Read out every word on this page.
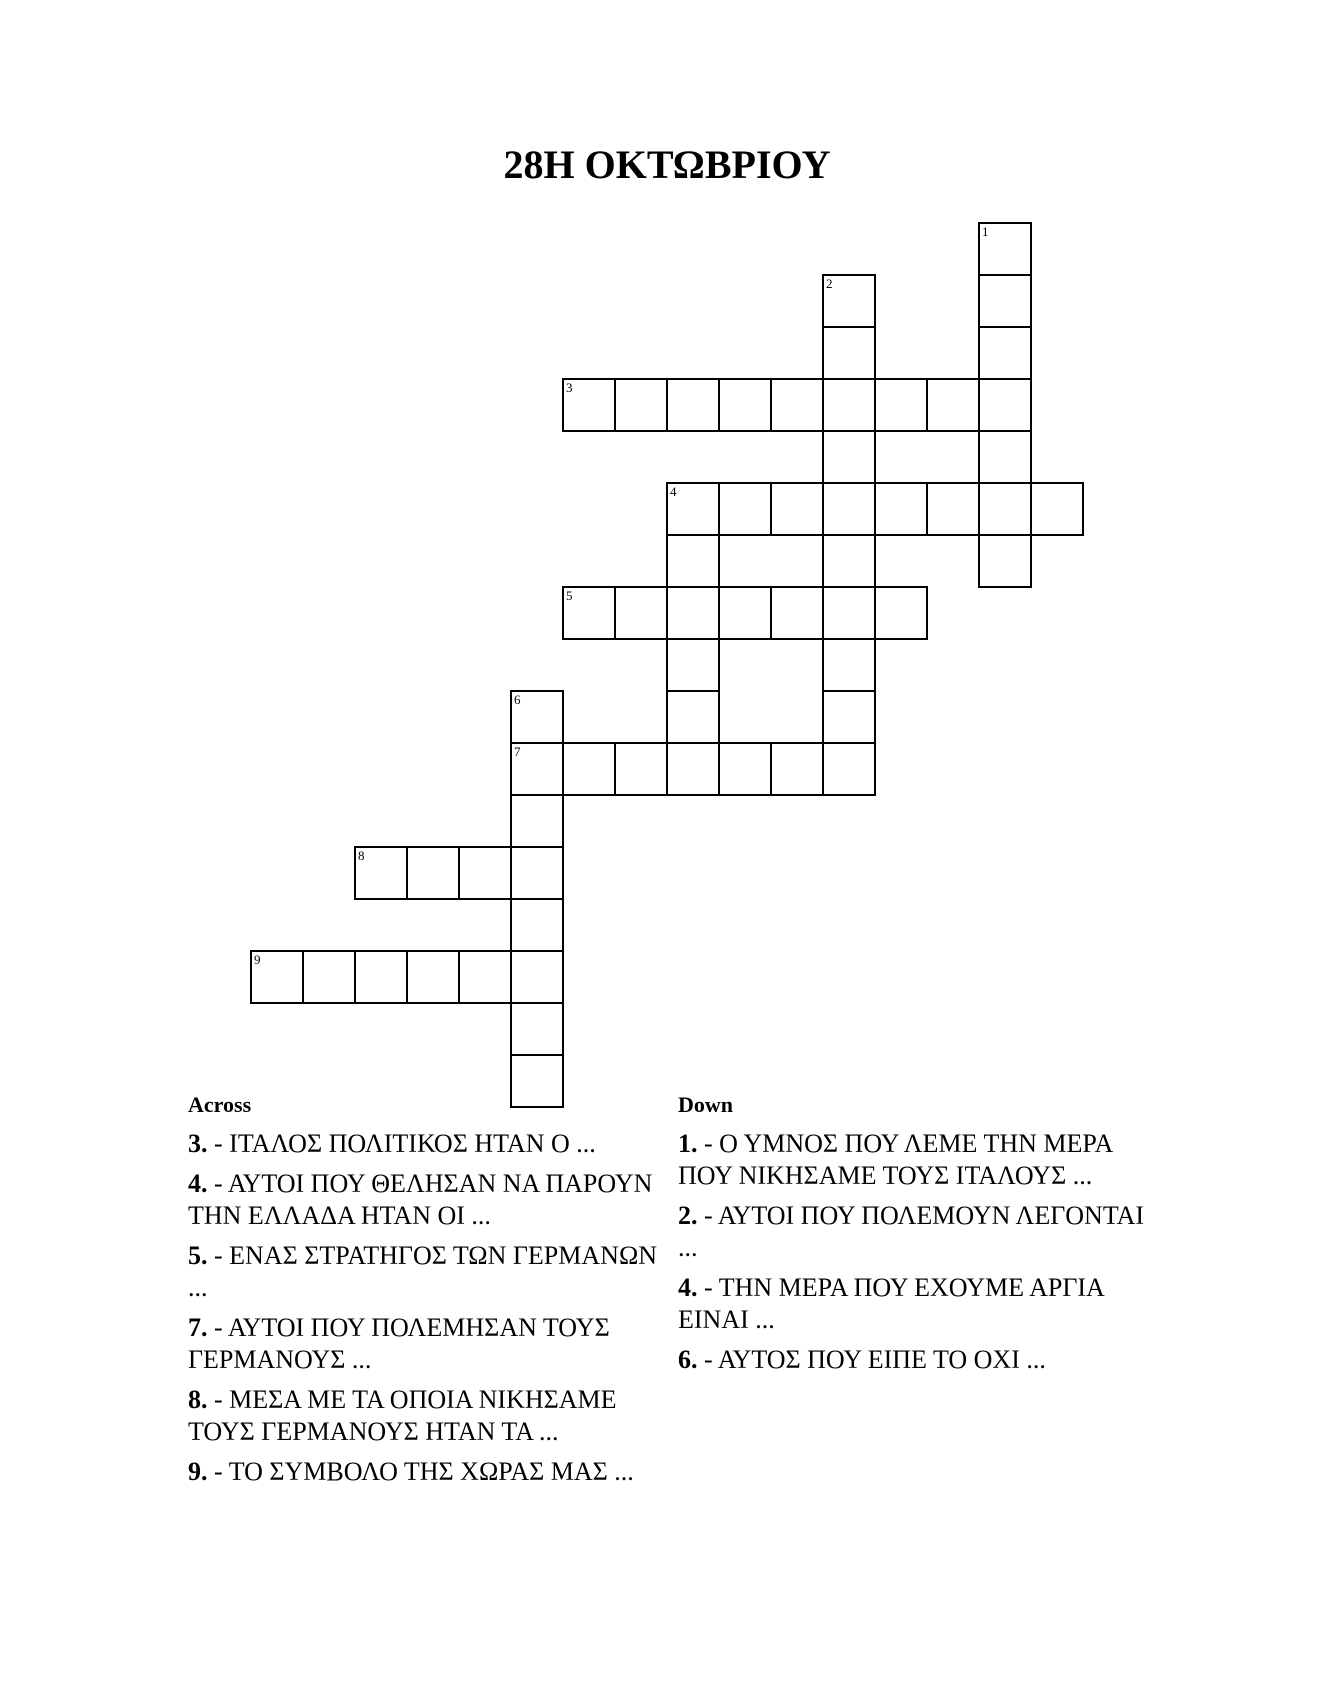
28Η ΟΚΤΩΒΡΙΟΥ
1
2
3
4
5
6
7
8
9
Across
3. - ΙΤΑΛΟΣ ΠΟΛΙΤΙΚΟΣ ΗΤΑΝ Ο ...
4. - ΑΥΤΟΙ ΠΟΥ ΘΕΛΗΣΑΝ ΝΑ ΠΑΡΟΥΝ ΤΗΝ ΕΛΛΑΔΑ ΗΤΑΝ ΟΙ ...
5. - ΕΝΑΣ ΣΤΡΑΤΗΓΟΣ ΤΩΝ ΓΕΡΜΑΝΩΝ ...
7. - ΑΥΤΟΙ ΠΟΥ ΠΟΛΕΜΗΣΑΝ ΤΟΥΣ ΓΕΡΜΑΝΟΥΣ ...
8. - ΜΕΣΑ ΜΕ ΤΑ ΟΠΟΙΑ ΝΙΚΗΣΑΜΕ ΤΟΥΣ ΓΕΡΜΑΝΟΥΣ ΗΤΑΝ ΤΑ ...
9. - ΤΟ ΣΥΜΒΟΛΟ ΤΗΣ ΧΩΡΑΣ ΜΑΣ ...
Down
1. - Ο ΥΜΝΟΣ ΠΟΥ ΛΕΜΕ ΤΗΝ ΜΕΡΑ ΠΟΥ ΝΙΚΗΣΑΜΕ ΤΟΥΣ ΙΤΑΛΟΥΣ ...
2. - ΑΥΤΟΙ ΠΟΥ ΠΟΛΕΜΟΥΝ ΛΕΓΟΝΤΑΙ ...
4. - ΤΗΝ ΜΕΡΑ ΠΟΥ ΕΧΟΥΜΕ ΑΡΓΙΑ ΕΙΝΑΙ ...
6. - ΑΥΤΟΣ ΠΟΥ ΕΙΠΕ ΤΟ ΟΧΙ ...
